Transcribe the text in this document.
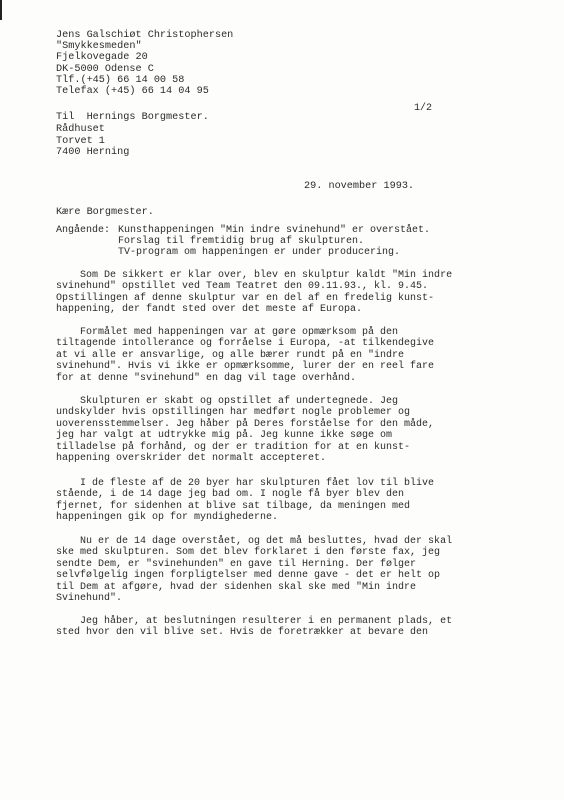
Jens Galschiøt Christophersen
"Smykkesmeden"
Fjelkovegade 20
DK-5000 Odense C
Tlf.(+45) 66 14 00 58
Telefax (+45) 66 14 04 95
1/2
Til  Hernings Borgmester.
Rådhuset
Torvet 1
7400 Herning
29. november 1993.
Kære Borgmester.
Angående: Kunsthappeningen "Min indre svinehund" er overstået.
Forslag til fremtidig brug af skulpturen.
TV-program om happeningen er under producering.
Som De sikkert er klar over, blev en skulptur kaldt "Min indre
svinehund" opstillet ved Team Teatret den 09.11.93., kl. 9.45.
Opstillingen af denne skulptur var en del af en fredelig kunst-
happening, der fandt sted over det meste af Europa.
Formålet med happeningen var at gøre opmærksom på den
tiltagende intollerance og forråelse i Europa, -at tilkendegive
at vi alle er ansvarlige, og alle bærer rundt på en "indre
svinehund". Hvis vi ikke er opmærksomme, lurer der en reel fare
for at denne "svinehund" en dag vil tage overhånd.
Skulpturen er skabt og opstillet af undertegnede. Jeg
undskylder hvis opstillingen har medført nogle problemer og
uoverensstemmelser. Jeg håber på Deres forståelse for den måde,
jeg har valgt at udtrykke mig på. Jeg kunne ikke søge om
tilladelse på forhånd, og der er tradition for at en kunst-
happening overskrider det normalt accepteret.
I de fleste af de 20 byer har skulpturen fået lov til blive
stående, i de 14 dage jeg bad om. I nogle få byer blev den
fjernet, for sidenhen at blive sat tilbage, da meningen med
happeningen gik op for myndighederne.
Nu er de 14 dage overstået, og det må besluttes, hvad der skal
ske med skulpturen. Som det blev forklaret i den første fax, jeg
sendte Dem, er "svinehunden" en gave til Herning. Der følger
selvfølgelig ingen forpligtelser med denne gave - det er helt op
til Dem at afgøre, hvad der sidenhen skal ske med "Min indre
Svinehund".
Jeg håber, at beslutningen resulterer i en permanent plads, et
sted hvor den vil blive set. Hvis de foretrækker at bevare den
